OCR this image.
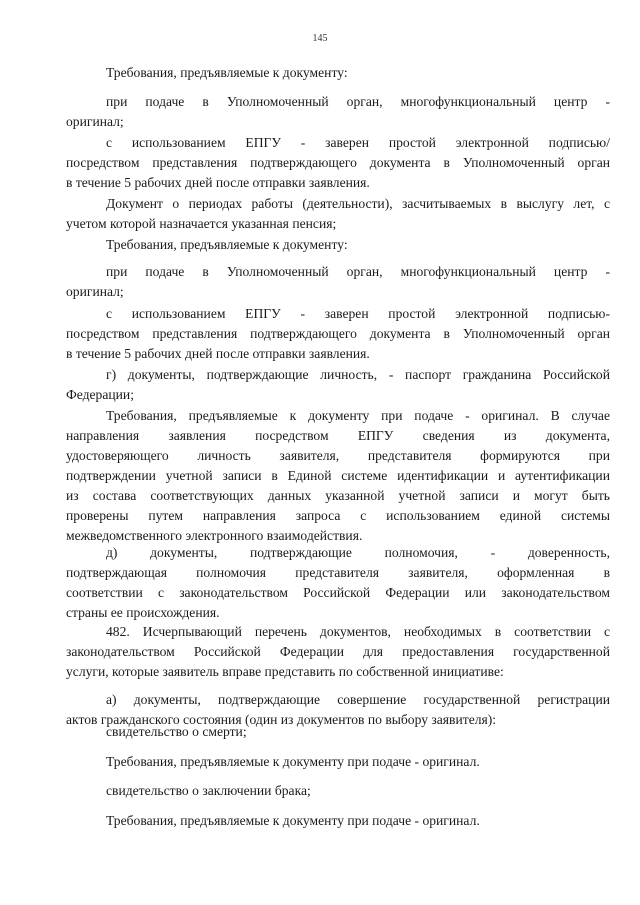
145
Требования, предъявляемые к документу:
при подаче в Уполномоченный орган, многофункциональный центр -
оригинал;
с использованием ЕПГУ - заверен простой электронной подписью/
посредством представления подтверждающего документа в Уполномоченный орган
в течение 5 рабочих дней после отправки заявления.
Документ о периодах работы (деятельности), засчитываемых в выслугу лет, с
учетом которой назначается указанная пенсия;
Требования, предъявляемые к документу:
при подаче в Уполномоченный орган, многофункциональный центр -
оригинал;
с использованием ЕПГУ - заверен простой электронной подписью-
посредством представления подтверждающего документа в Уполномоченный орган
в течение 5 рабочих дней после отправки заявления.
г) документы, подтверждающие личность, - паспорт гражданина Российской
Федерации;
Требования, предъявляемые к документу при подаче - оригинал. В случае
направления заявления посредством ЕПГУ сведения из документа,
удостоверяющего личность заявителя, представителя формируются при
подтверждении учетной записи в Единой системе идентификации и аутентификации
из состава соответствующих данных указанной учетной записи и могут быть
проверены путем направления запроса с использованием единой системы
межведомственного электронного взаимодействия.
д) документы, подтверждающие полномочия, - доверенность,
подтверждающая полномочия представителя заявителя, оформленная в
соответствии с законодательством Российской Федерации или законодательством
страны ее происхождения.
482. Исчерпывающий перечень документов, необходимых в соответствии с
законодательством Российской Федерации для предоставления государственной
услуги, которые заявитель вправе представить по собственной инициативе:
а) документы, подтверждающие совершение государственной регистрации
актов гражданского состояния (один из документов по выбору заявителя):
свидетельство о смерти;
Требования, предъявляемые к документу при подаче - оригинал.
свидетельство о заключении брака;
Требования, предъявляемые к документу при подаче - оригинал.
